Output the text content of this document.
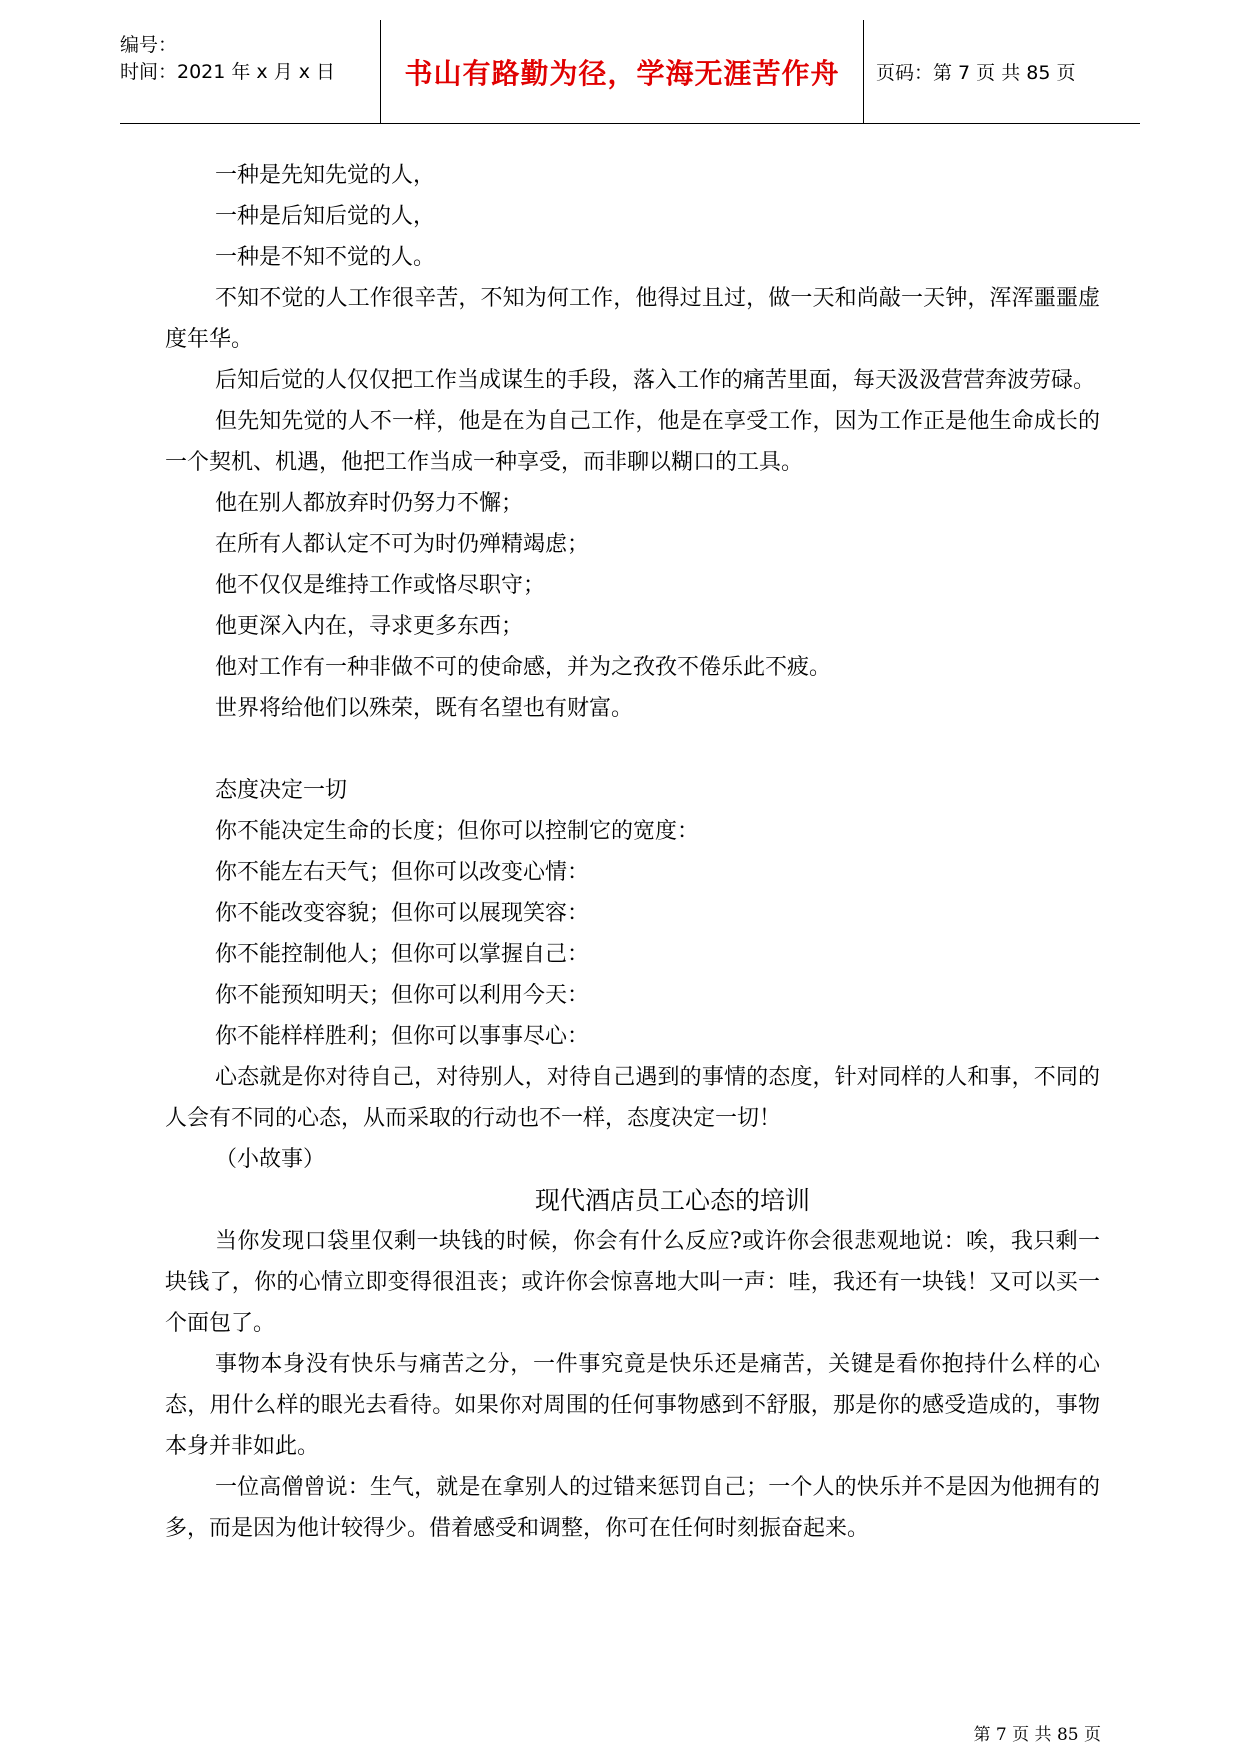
编号：
时间：2021 年 x 月 x 日	书山有路勤为径，学海无涯苦作舟 页码：第 7 页 共 85 页

一种是先知先觉的人，

一种是后知后觉的人，

一种是不知不觉的人。

不知不觉的人工作很辛苦，不知为何工作，他得过且过，做一天和尚敲一天钟，浑浑噩噩虚度年华。

后知后觉的人仅仅把工作当成谋生的手段，落入工作的痛苦里面，每天汲汲营营奔波劳碌。

但先知先觉的人不一样，他是在为自己工作，他是在享受工作，因为工作正是他生命成长的一个契机、机遇，他把工作当成一种享受，而非聊以糊口的工具。

他在别人都放弃时仍努力不懈；

在所有人都认定不可为时仍殚精竭虑；

他不仅仅是维持工作或恪尽职守；

他更深入内在，寻求更多东西；

他对工作有一种非做不可的使命感，并为之孜孜不倦乐此不疲。

世界将给他们以殊荣，既有名望也有财富。

态度决定一切

你不能决定生命的长度；但你可以控制它的宽度：

你不能左右天气；但你可以改变心情：

你不能改变容貌；但你可以展现笑容：

你不能控制他人；但你可以掌握自己：

你不能预知明天；但你可以利用今天：

你不能样样胜利；但你可以事事尽心：

心态就是你对待自己，对待别人，对待自己遇到的事情的态度，针对同样的人和事，不同的人会有不同的心态，从而采取的行动也不一样，态度决定一切！

（小故事）

现代酒店员工心态的培训

当你发现口袋里仅剩一块钱的时候，你会有什么反应?或许你会很悲观地说：唉，我只剩一块钱了，你的心情立即变得很沮丧；或许你会惊喜地大叫一声：哇，我还有一块钱！又可以买一个面包了。

事物本身没有快乐与痛苦之分，一件事究竟是快乐还是痛苦，关键是看你抱持什么样的心态，用什么样的眼光去看待。如果你对周围的任何事物感到不舒服，那是你的感受造成的，事物本身并非如此。

一位高僧曾说：生气，就是在拿别人的过错来惩罚自己；一个人的快乐并不是因为他拥有的多，而是因为他计较得少。借着感受和调整，你可在任何时刻振奋起来。

第 7 页 共 85 页
